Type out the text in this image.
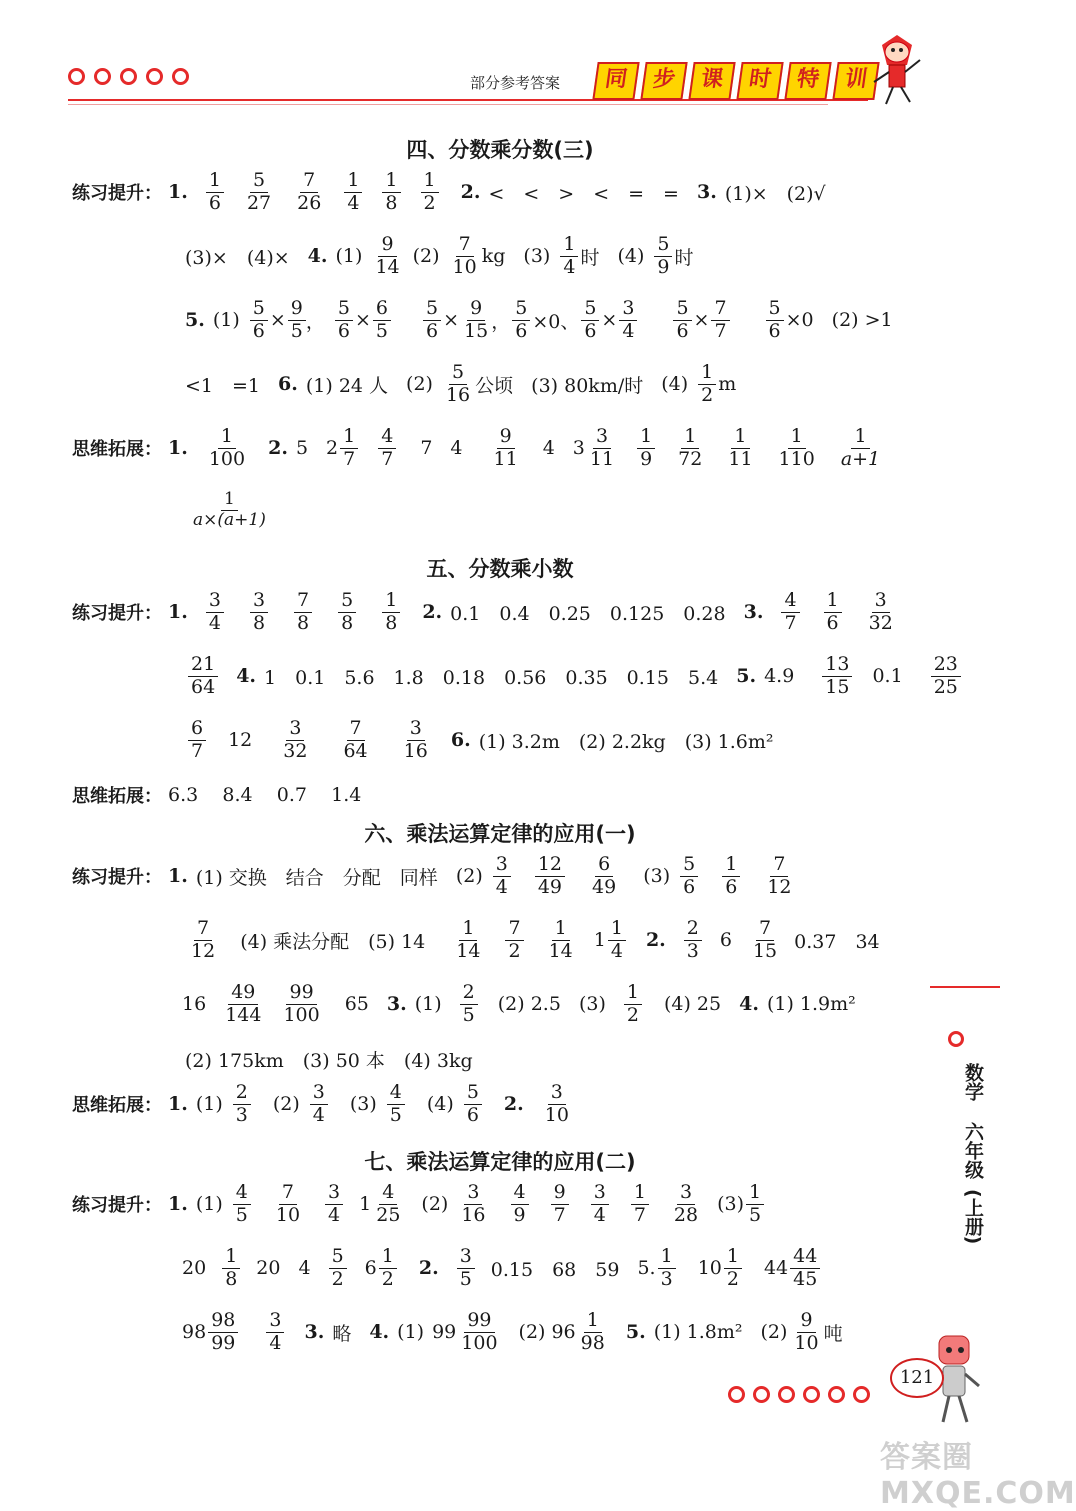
部分参考答案	同	步	课	时	特	训
四、分数乘分数(三)
练习提升： 1.
1
6
5
27
7
26
1
4
1
8
1
2 2. <　<　>　<　=　= 3. (1)×　(2)√
(3)×　(4)× 4. (1)
9
14 (2)
7
10 kg (3)
1
4 时 (4)
5
9 时
5. $(1) \frac{5}{6} \times \frac{9}{5}$ ， $\frac{5}{6} \times \frac{6}{5} \frac{5}{6} \times \frac{9}{15}$ ， $\frac{5}{6} \times 0$、 $\frac{5}{6} \times \frac{3}{4} \frac{5}{6} \times \frac{7}{7} \frac{5}{6} \times 0$ (2) >1
<1　=1 6. (1) 24 人 (2)
5
16 公顷 (3) 80km/时 (4)
1
2 m
思维拓展： 1.
1
100 2. 5 2
1
7
4
7 7 4
9
11 4 3
3
11
1
9
1
72
1
11
1
110
1
a+1
1
a×(a+1)
五、分数乘小数
练习提升： 1.
3
4
3
8
7
8
5
8
1
8 2. 0.1　0.4　0.25　0.125　0.28 3.
4
7
1
6
3
32
21
64 4. 1　0.1　5.6　1.8　0.18　0.56　0.35　0.15　5.4 5. 4.9
13
15 0.1
23
25
6
7 12
3
32
7
64
3
16 6. (1) 3.2m　(2) 2.2kg　(3) 1.6m²
思维拓展： 6.3    8.4    0.7    1.4
六、乘法运算定律的应用(一)
练习提升： 1. (1) 交换　结合　分配　同样 (2)
3
4
12
49
6
49 (3)
5
6
1
6
7
12
7
12 (4) 乘法分配　(5) 14
1
14
7
2
1
14 1
1
4 2.
2
3 6
7
15 0.37　34
16
49
144
99
100 65 3. (1)
2
5 (2) 2.5 (3)
1
2 (4) 25 4. (1) 1.9m²
(2) 175km　(3) 50 本　(4) 3kg
思维拓展： 1. (1)
2
3 (2)
3
4 (3)
4
5 (4)
5
6 2.
3
10
七、乘法运算定律的应用(二)
练习提升： 1. (1)
4
5
7
10
3
4 1
4
25 (2)
3
16
4
9
9
7
3
4
1
7
3
28 (3)
1
5
20
1
8 20 4
5
2 6
1
2 2.
3
5 0.15　68　59 5.
1
3 10
1
2 44
44
45
98
98
99
3
4 3. 略 4. (1) 99
99
100 (2) 96
1
98 5. (1) 1.8m² (2)
9
10 吨
数学
六年级
(上册)
121
答案圈 MXQE.COM
